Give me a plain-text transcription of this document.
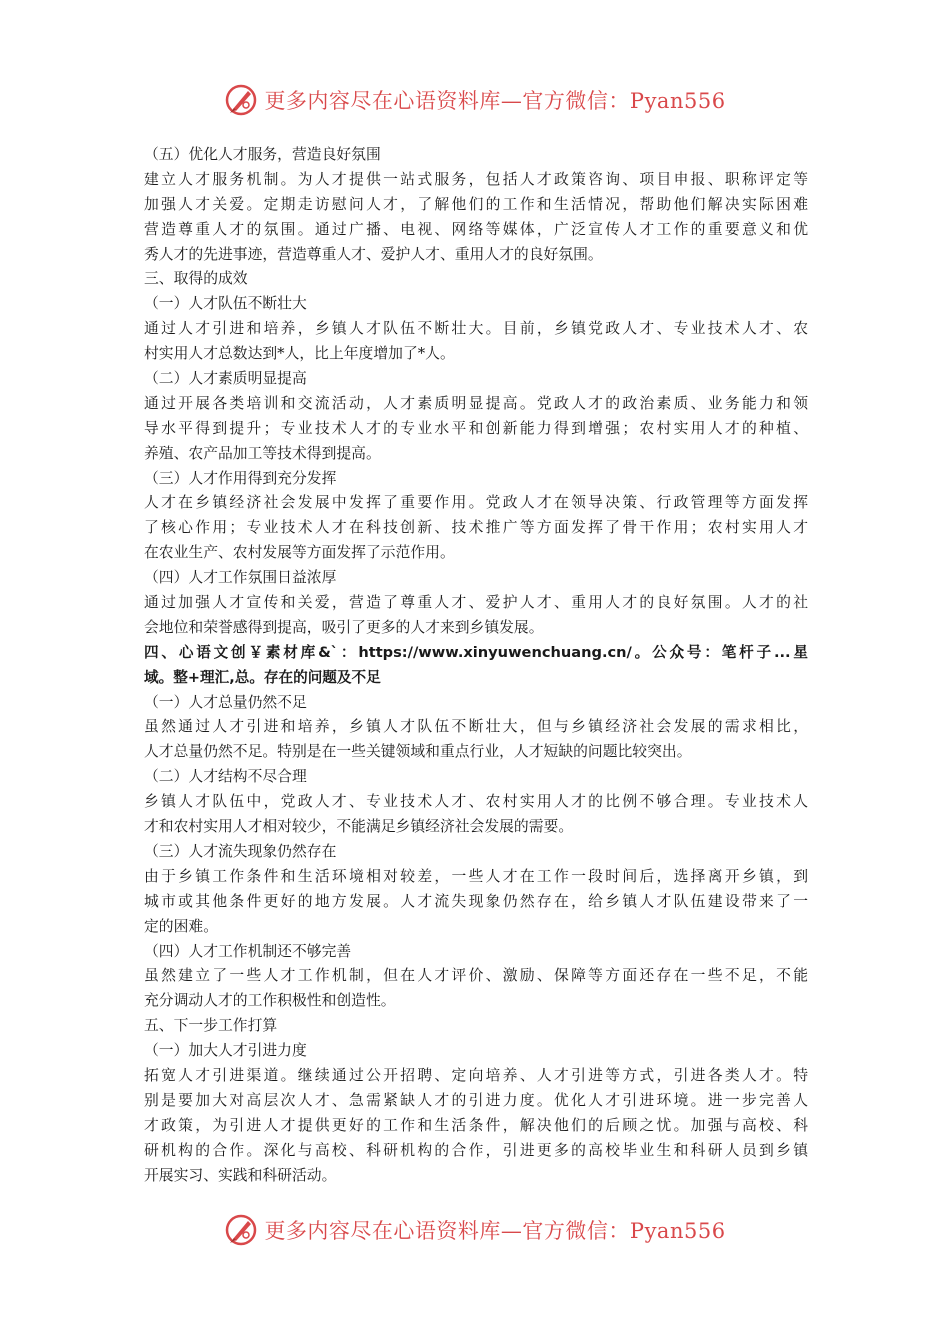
更多内容尽在心语资料库—官方微信：Pyan556
（五）优化人才服务，营造良好氛围
建立人才服务机制。为人才提供一站式服务，包括人才政策咨询、项目申报、职称评定等
加强人才关爱。定期走访慰问人才，了解他们的工作和生活情况，帮助他们解决实际困难
营造尊重人才的氛围。通过广播、电视、网络等媒体，广泛宣传人才工作的重要意义和优
秀人才的先进事迹，营造尊重人才、爱护人才、重用人才的良好氛围。
三、取得的成效
（一）人才队伍不断壮大
通过人才引进和培养，乡镇人才队伍不断壮大。目前，乡镇党政人才、专业技术人才、农
村实用人才总数达到*人，比上年度增加了*人。
（二）人才素质明显提高
通过开展各类培训和交流活动，人才素质明显提高。党政人才的政治素质、业务能力和领
导水平得到提升；专业技术人才的专业水平和创新能力得到增强；农村实用人才的种植、
养殖、农产品加工等技术得到提高。
（三）人才作用得到充分发挥
人才在乡镇经济社会发展中发挥了重要作用。党政人才在领导决策、行政管理等方面发挥
了核心作用；专业技术人才在科技创新、技术推广等方面发挥了骨干作用；农村实用人才
在农业生产、农村发展等方面发挥了示范作用。
（四）人才工作氛围日益浓厚
通过加强人才宣传和关爱，营造了尊重人才、爱护人才、重用人才的良好氛围。人才的社
会地位和荣誉感得到提高，吸引了更多的人才来到乡镇发展。
四、心语文创￥素材库&`：https://www.xinyuwenchuang.cn/。公众号：笔杆子...星
域。整+理汇,总。存在的问题及不足
（一）人才总量仍然不足
虽然通过人才引进和培养，乡镇人才队伍不断壮大，但与乡镇经济社会发展的需求相比，
人才总量仍然不足。特别是在一些关键领域和重点行业，人才短缺的问题比较突出。
（二）人才结构不尽合理
乡镇人才队伍中，党政人才、专业技术人才、农村实用人才的比例不够合理。专业技术人
才和农村实用人才相对较少，不能满足乡镇经济社会发展的需要。
（三）人才流失现象仍然存在
由于乡镇工作条件和生活环境相对较差，一些人才在工作一段时间后，选择离开乡镇，到
城市或其他条件更好的地方发展。人才流失现象仍然存在，给乡镇人才队伍建设带来了一
定的困难。
（四）人才工作机制还不够完善
虽然建立了一些人才工作机制，但在人才评价、激励、保障等方面还存在一些不足，不能
充分调动人才的工作积极性和创造性。
五、下一步工作打算
（一）加大人才引进力度
拓宽人才引进渠道。继续通过公开招聘、定向培养、人才引进等方式，引进各类人才。特
别是要加大对高层次人才、急需紧缺人才的引进力度。优化人才引进环境。进一步完善人
才政策，为引进人才提供更好的工作和生活条件，解决他们的后顾之忧。加强与高校、科
研机构的合作。深化与高校、科研机构的合作，引进更多的高校毕业生和科研人员到乡镇
开展实习、实践和科研活动。
更多内容尽在心语资料库—官方微信：Pyan556
